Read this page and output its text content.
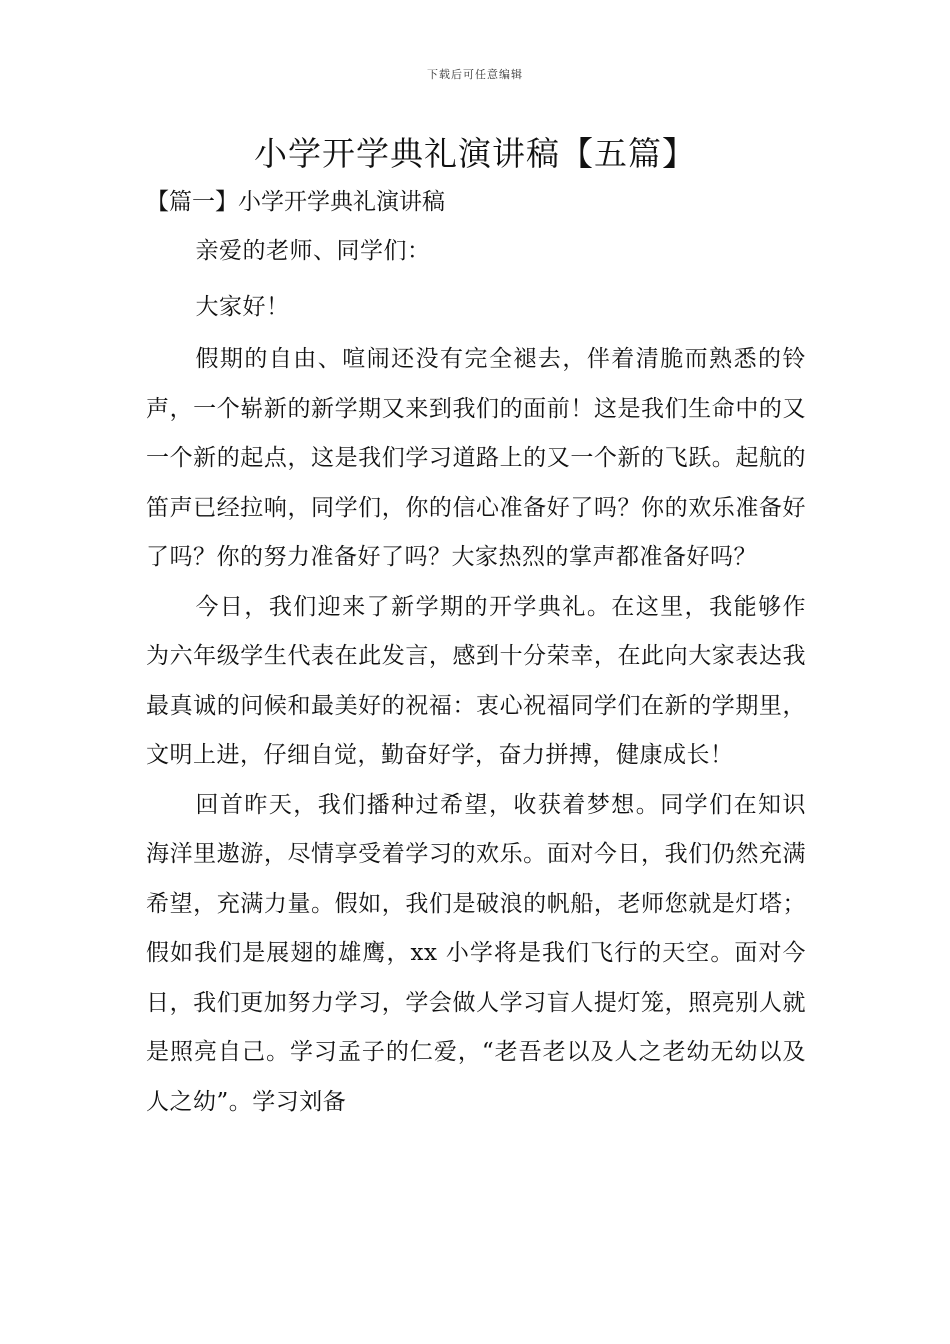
下载后可任意编辑
小学开学典礼演讲稿【五篇】
【篇一】小学开学典礼演讲稿

亲爱的老师、同学们：

大家好！

假期的自由、喧闹还没有完全褪去，伴着清脆而熟悉的铃声，一个崭新的新学期又来到我们的面前！这是我们生命中的又一个新的起点，这是我们学习道路上的又一个新的飞跃。起航的笛声已经拉响，同学们，你的信心准备好了吗？你的欢乐准备好了吗？你的努力准备好了吗？大家热烈的掌声都准备好吗？

今日，我们迎来了新学期的开学典礼。在这里，我能够作为六年级学生代表在此发言，感到十分荣幸，在此向大家表达我最真诚的问候和最美好的祝福：衷心祝福同学们在新的学期里，文明上进，仔细自觉，勤奋好学，奋力拼搏，健康成长！

回首昨天，我们播种过希望，收获着梦想。同学们在知识海洋里遨游，尽情享受着学习的欢乐。面对今日，我们仍然充满希望，充满力量。假如，我们是破浪的帆船，老师您就是灯塔；假如我们是展翅的雄鹰，xx 小学将是我们飞行的天空。面对今日，我们更加努力学习，学会做人学习盲人提灯笼，照亮别人就是照亮自己。学习孟子的仁爱，“老吾老以及人之老幼无幼以及人之幼”。学习刘备
